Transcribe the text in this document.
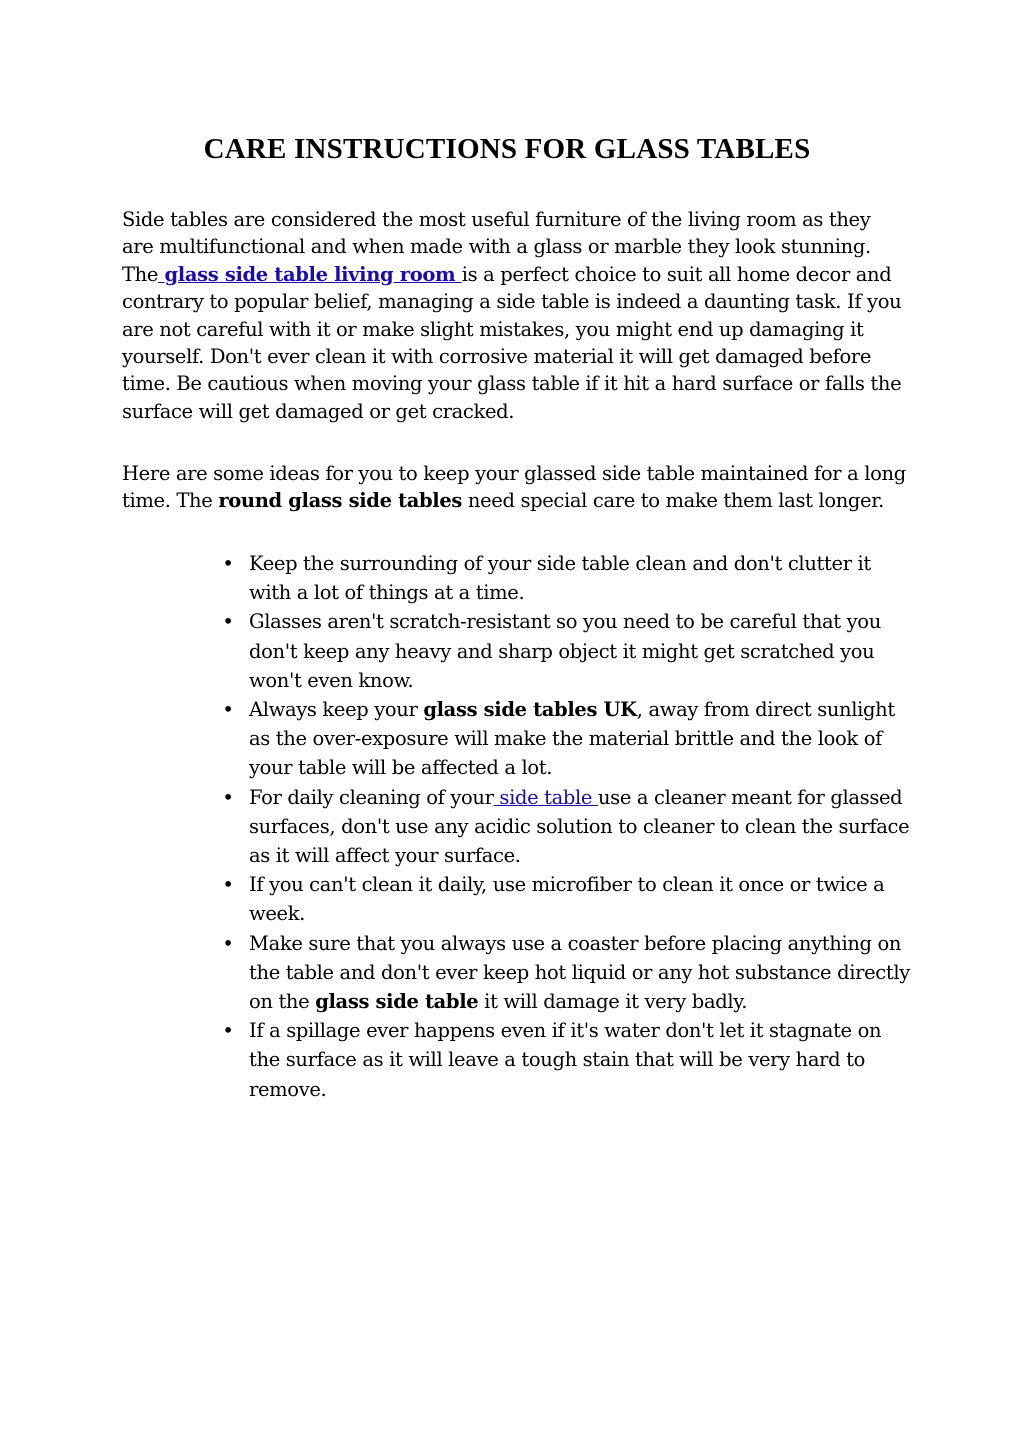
CARE INSTRUCTIONS FOR GLASS TABLES

Side tables are considered the most useful furniture of the living room as they are multifunctional and when made with a glass or marble they look stunning. The glass side table living room is a perfect choice to suit all home decor and contrary to popular belief, managing a side table is indeed a daunting task. If you are not careful with it or make slight mistakes, you might end up damaging it yourself. Don't ever clean it with corrosive material it will get damaged before time. Be cautious when moving your glass table if it hit a hard surface or falls the surface will get damaged or get cracked.

Here are some ideas for you to keep your glassed side table maintained for a long time. The round glass side tables need special care to make them last longer.

• Keep the surrounding of your side table clean and don't clutter it with a lot of things at a time.
• Glasses aren't scratch-resistant so you need to be careful that you don't keep any heavy and sharp object it might get scratched you won't even know.
• Always keep your glass side tables UK, away from direct sunlight as the over-exposure will make the material brittle and the look of your table will be affected a lot.
• For daily cleaning of your side table use a cleaner meant for glassed surfaces, don't use any acidic solution to cleaner to clean the surface as it will affect your surface.
• If you can't clean it daily, use microfiber to clean it once or twice a week.
• Make sure that you always use a coaster before placing anything on the table and don't ever keep hot liquid or any hot substance directly on the glass side table it will damage it very badly.
• If a spillage ever happens even if it's water don't let it stagnate on the surface as it will leave a tough stain that will be very hard to remove.
